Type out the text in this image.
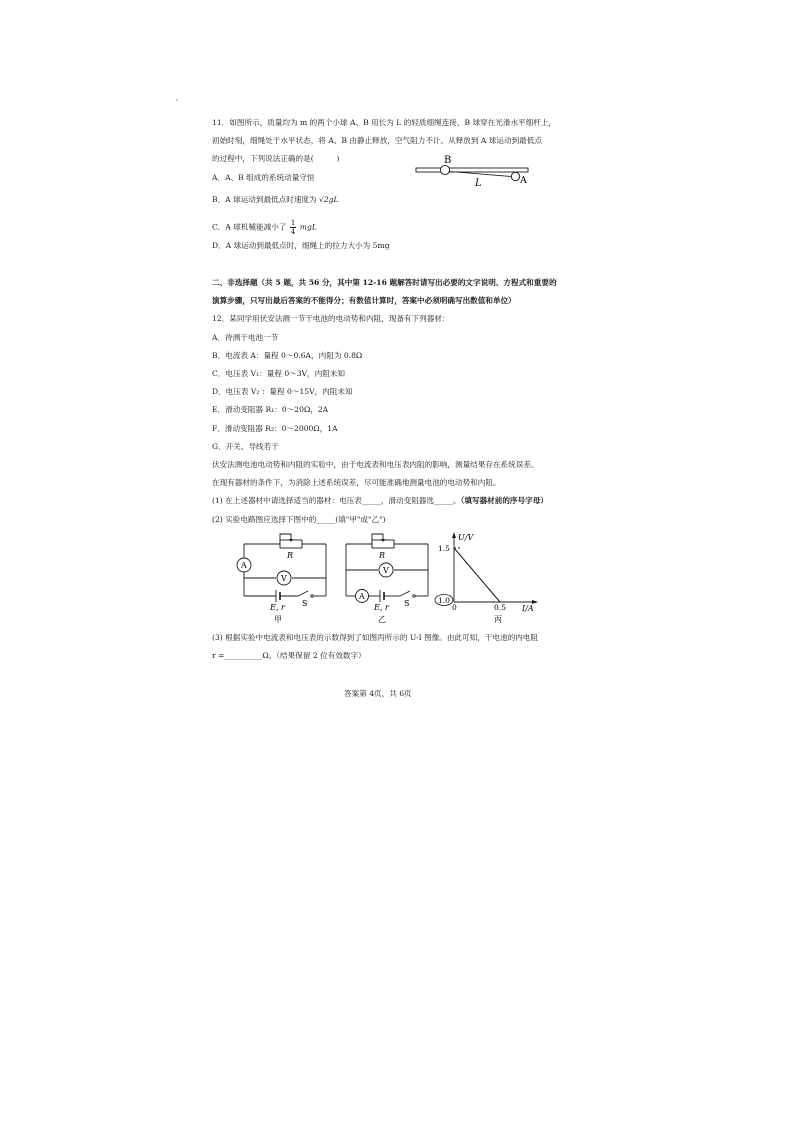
11．如图所示，质量均为 m 的两个小球 A、B 用长为 L 的轻质细绳连接，B 球穿在光滑水平细杆上，
初始时刻，细绳处于水平状态，将 A、B 由静止释放，空气阻力不计。从释放到 A 球运动到最低点
的过程中，下列说法正确的是(　　　)
A．A、B 组成的系统动量守恒
B．A 球运动到最低点时速度为 √2gL
C．A 球机械能减小了 $\frac{1}{4}$ mgL
D．A 球运动到最低点时，细绳上的拉力大小为 5mg
B
A
L
二、非选择题（共 5 题，共 56 分，其中第 12-16 题解答时请写出必要的文字说明、方程式和重要的
演算步骤，只写出最后答案的不能得分；有数值计算时，答案中必须明确写出数值和单位）
12．某同学用伏安法测一节干电池的电动势和内阻，现备有下列器材：
A．待测干电池一节
B．电流表 A：量程 0～0.6A，内阻为 0.8Ω
C．电压表 V₁：量程 0～3V，内阻未知
D．电压表 V₂ ：量程 0～15V，内阻未知
E．滑动变阻器 R₁：0～20Ω，2A
F．滑动变阻器 R₂：0～2000Ω，1A
G．开关、导线若干
伏安法测电池电动势和内阻的实验中，由于电流表和电压表内阻的影响，测量结果存在系统误差。
在现有器材的条件下，为消除上述系统误差，尽可能准确地测量电池的电动势和内阻。
(1) 在上述器材中请选择适当的器材：电压表_____，滑动变阻器选_____。（填写器材前的序号字母）
(2) 实验电路图应选择下图中的_____(填"甲"或"乙")
A
V
R
E, r S
甲
V
A
R
E, r S
乙
U/V
I/A
1.5
1.0
0	0.5
丙
(3) 根据实验中电流表和电压表的示数得到了如图丙所示的 U-I 图像。由此可知，干电池的内电阻
r =__________Ω。（结果保留 2 位有效数字）
答案第 4页，共 6页
